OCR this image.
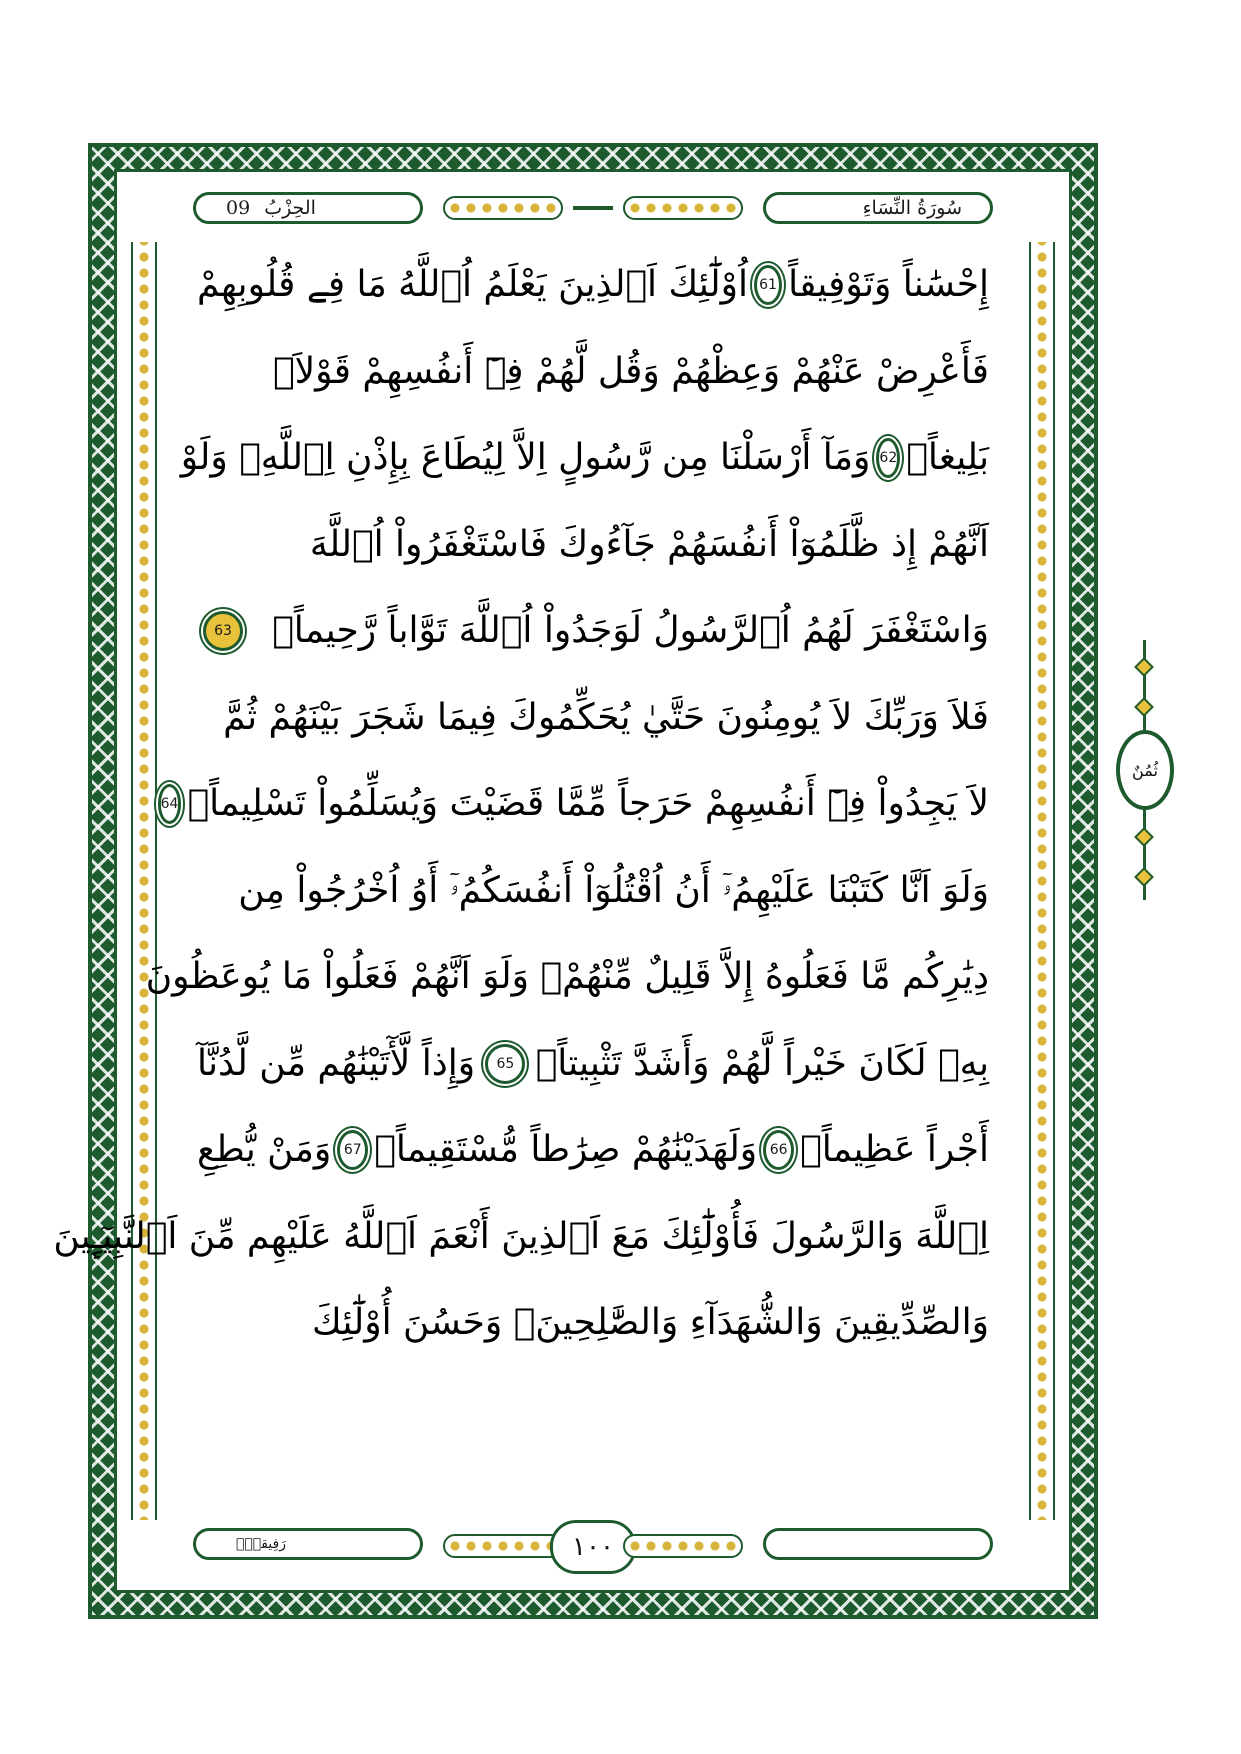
09 الحِزْبُ	سُورَةُ النِّسَاءِ
إِحْسَٰناً وَتَوْفِيقاً
61
اُوْلَٰٓئِكَ اَ۬لذِينَ يَعْلَمُ اُ۬للَّهُ مَا فِے قُلُوبِهِمْ
فَأَعْرِضْ عَنْهُمْ وَعِظْهُمْ وَقُل لَّهُمْ فِےٓ أَنفُسِهِمْ قَوْلاَۢ
بَلِيغاًۖ
62
وَمَآ أَرْسَلْنَا مِن رَّسُولٍ اِلاَّ لِيُطَاعَ بِإِذْنِ اِ۬للَّهِۖ وَلَوْ
اَنَّهُمْ إِذ ظَّلَمُوٓاْ أَنفُسَهُمْ جَآءُوكَ فَاسْتَغْفَرُواْ اُ۬للَّهَ
وَاسْتَغْفَرَ لَهُمُ اُ۬لرَّسُولُ لَوَجَدُواْ اُ۬للَّهَ تَوَّاباً رَّحِيماًۖ
63
فَلاَ وَرَبِّكَ لاَ يُومِنُونَ حَتَّيٰ يُحَكِّمُوكَ فِيمَا شَجَرَ بَيْنَهُمْ ثُمَّ
لاَ يَجِدُواْ فِےٓ أَنفُسِهِمْ حَرَجاً مِّمَّا قَضَيْتَ وَيُسَلِّمُواْ تَسْلِيماًۖ
64
وَلَوَ اَنَّا كَتَبْنَا عَلَيْهِمُۥٓ أَنُ اُقْتُلُوٓاْ أَنفُسَكُمُۥٓ أَوُ اُخْرُجُواْ مِن
دِيَٰرِكُم مَّا فَعَلُوهُ إِلاَّ قَلِيلٌ مِّنْهُمْۖ وَلَوَ اَنَّهُمْ فَعَلُواْ مَا يُوعَظُونَ
بِهِۦ لَكَانَ خَيْراً لَّهُمْ وَأَشَدَّ تَثْبِيتاًۖ
65
وَإِذاً لَّأٓتَيْنَٰهُم مِّن لَّدُنَّآ
أَجْراً عَظِيماًۖ
66
وَلَهَدَيْنَٰهُمْ صِرَٰطاً مُّسْتَقِيماًۖ
67
وَمَنْ يُّطِعِ
اِ۬للَّهَ وَالرَّسُولَ فَأُوْلَٰٓئِكَ مَعَ اَ۬لذِينَ أَنْعَمَ اَ۬للَّهُ عَلَيْهِم مِّنَ اَ۬لنَّبِيٓـِٕينَ
وَالصِّدِّيقِينَ وَالشُّهَدَآءِ وَالصَّٰلِحِينَۖ وَحَسُنَ أُوْلَٰٓئِكَ
رَفِيقاًۖ	١٠٠
ثُمُنٌ
